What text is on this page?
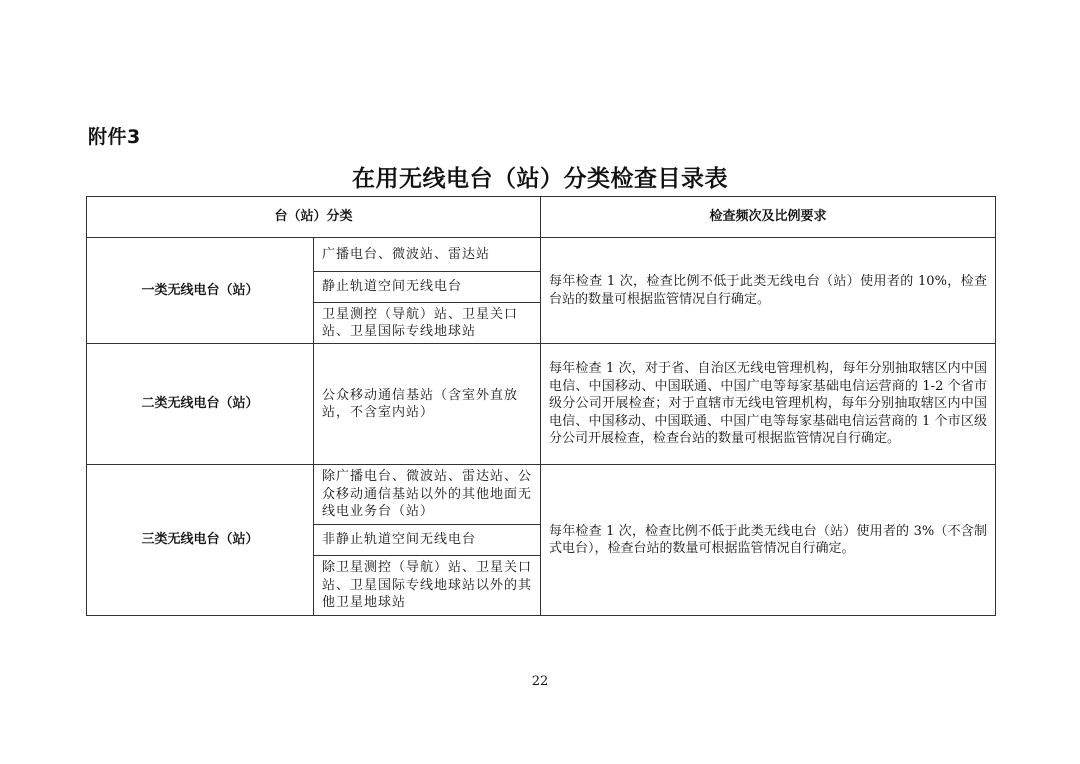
附件3
在用无线电台（站）分类检查目录表
台（站）分类		检查频次及比例要求
一类无线电台（站）	广播电台、微波站、雷达站	每年检查 1 次，检查比例不低于此类无线电台（站）使用者的 10%，检查台站的数量可根据监管情况自行确定。
	静止轨道空间无线电台	
	卫星测控（导航）站、卫星关口站、卫星国际专线地球站	
二类无线电台（站）	公众移动通信基站（含室外直放站，不含室内站）	每年检查 1 次，对于省、自治区无线电管理机构，每年分别抽取辖区内中国电信、中国移动、中国联通、中国广电等每家基础电信运营商的 1-2 个省市级分公司开展检查；对于直辖市无线电管理机构，每年分别抽取辖区内中国电信、中国移动、中国联通、中国广电等每家基础电信运营商的 1 个市区级分公司开展检查，检查台站的数量可根据监管情况自行确定。
三类无线电台（站）	除广播电台、微波站、雷达站、公众移动通信基站以外的其他地面无线电业务台（站）	每年检查 1 次，检查比例不低于此类无线电台（站）使用者的 3%（不含制式电台），检查台站的数量可根据监管情况自行确定。
	非静止轨道空间无线电台	
	除卫星测控（导航）站、卫星关口站、卫星国际专线地球站以外的其他卫星地球站	
22
